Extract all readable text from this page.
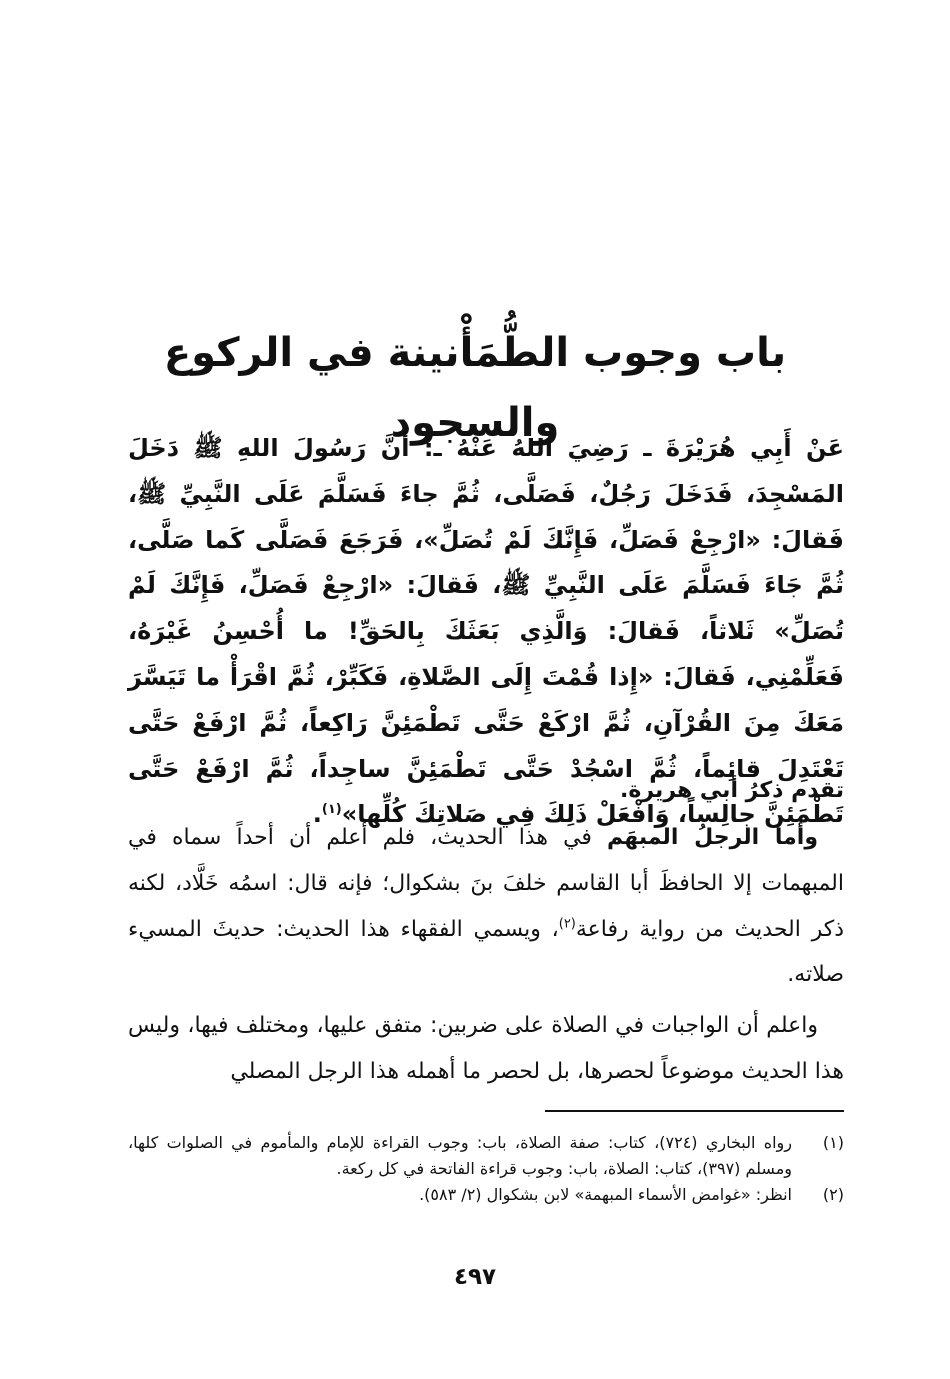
باب وجوب الطُّمَأْنينة في الركوع والسجود

عَنْ أَبِي هُرَيْرَةَ ـ رَضِيَ اللهُ عَنْهُ ـ: أَنَّ رَسُولَ اللهِ ﷺ دَخَلَ المَسْجِدَ، فَدَخَلَ رَجُلٌ، فَصَلَّى، ثُمَّ جاءَ فَسَلَّمَ عَلَى النَّبِيِّ ﷺ، فَقالَ: «ارْجِعْ فَصَلِّ، فَإِنَّكَ لَمْ تُصَلِّ»، فَرَجَعَ فَصَلَّى كَما صَلَّى، ثُمَّ جَاءَ فَسَلَّمَ عَلَى النَّبِيِّ ﷺ، فَقالَ: «ارْجِعْ فَصَلِّ، فَإِنَّكَ لَمْ تُصَلِّ» ثَلاثاً، فَقالَ: وَالَّذِي بَعَثَكَ بِالحَقِّ! ما أُحْسِنُ غَيْرَهُ، فَعَلِّمْنِي، فَقالَ: «إِذا قُمْتَ إِلَى الصَّلاةِ، فَكَبِّرْ، ثُمَّ اقْرَأْ ما تَيَسَّرَ مَعَكَ مِنَ القُرْآنِ، ثُمَّ ارْكَعْ حَتَّى تَطْمَئِنَّ رَاكِعاً، ثُمَّ ارْفَعْ حَتَّى تَعْتَدِلَ قائِماً، ثُمَّ اسْجُدْ حَتَّى تَطْمَئِنَّ ساجِداً، ثُمَّ ارْفَعْ حَتَّى تَطْمَئِنَّ جالِساً، وَافْعَلْ ذَلِكَ فِي صَلاتِكَ كُلِّها»$^{(١)}$.

تقدم ذكرُ أبي هريرة.

وأما الرجلُ المبهَم في هذا الحديث، فلم أعلم أن أحداً سماه في المبهمات إلا الحافظَ أبا القاسم خلفَ بنَ بشكوال؛ فإنه قال: اسمُه خَلَّاد، لكنه ذكر الحديث من رواية رفاعة$^{(٢)}$، ويسمي الفقهاء هذا الحديث: حديثَ المسيء صلاته.

واعلم أن الواجبات في الصلاة على ضربين: متفق عليها، ومختلف فيها، وليس هذا الحديث موضوعاً لحصرها، بل لحصر ما أهمله هذا الرجل المصلي

(١)
رواه البخاري (٧٢٤)، كتاب: صفة الصلاة، باب: وجوب القراءة للإمام والمأموم في الصلوات كلها، ومسلم (٣٩٧)، كتاب: الصلاة، باب: وجوب قراءة الفاتحة في كل ركعة.
(٢)
انظر: «غوامض الأسماء المبهمة» لابن بشكوال (٢/ ٥٨٣).
٤٩٧
